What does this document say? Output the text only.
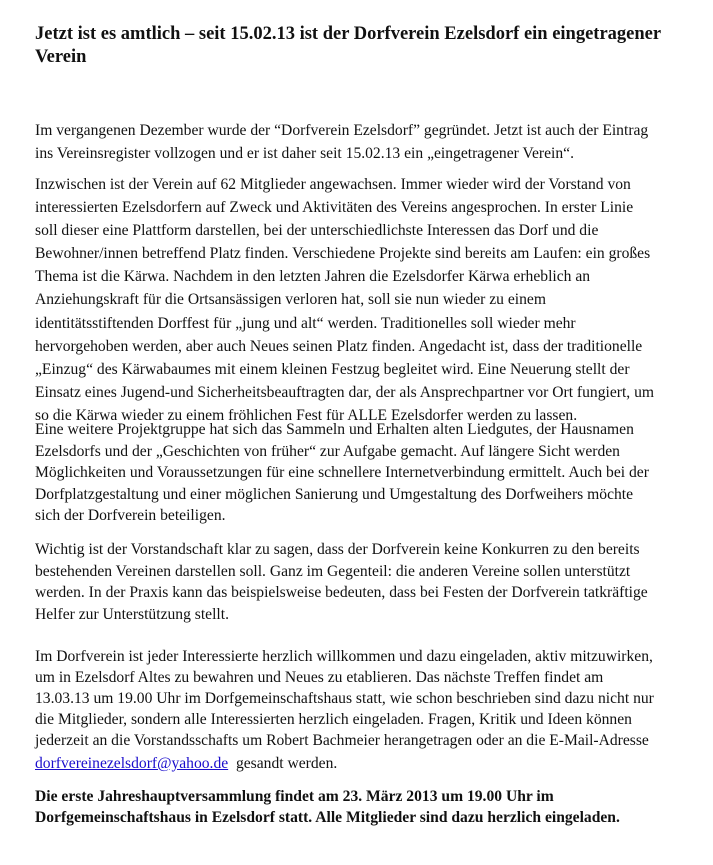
Jetzt ist es amtlich – seit 15.02.13 ist der Dorfverein Ezelsdorf ein eingetragener
Verein
Im vergangenen Dezember wurde der “Dorfverein Ezelsdorf” gegründet. Jetzt ist auch der Eintrag
ins Vereinsregister vollzogen und er ist daher seit 15.02.13 ein „eingetragener Verein“.
Inzwischen ist der Verein auf 62 Mitglieder angewachsen. Immer wieder wird der Vorstand von
interessierten Ezelsdorfern auf Zweck und Aktivitäten des Vereins angesprochen. In erster Linie
soll dieser eine Plattform darstellen, bei der unterschiedlichste Interessen das Dorf und die
Bewohner/innen betreffend Platz finden. Verschiedene Projekte sind bereits am Laufen: ein großes
Thema ist die Kärwa. Nachdem in den letzten Jahren die Ezelsdorfer Kärwa erheblich an
Anziehungskraft für die Ortsansässigen verloren hat, soll sie nun wieder zu einem
identitätsstiftenden Dorffest für „jung und alt“ werden. Traditionelles soll wieder mehr
hervorgehoben werden, aber auch Neues seinen Platz finden. Angedacht ist, dass der traditionelle
„Einzug“ des Kärwabaumes mit einem kleinen Festzug begleitet wird. Eine Neuerung stellt der
Einsatz eines Jugend-und Sicherheitsbeauftragten dar, der als Ansprechpartner vor Ort fungiert, um
so die Kärwa wieder zu einem fröhlichen Fest für ALLE Ezelsdorfer werden zu lassen.
Eine weitere Projektgruppe hat sich das Sammeln und Erhalten alten Liedgutes, der Hausnamen
Ezelsdorfs und der „Geschichten von früher“ zur Aufgabe gemacht. Auf längere Sicht werden
Möglichkeiten und Voraussetzungen für eine schnellere Internetverbindung ermittelt. Auch bei der
Dorfplatzgestaltung und einer möglichen Sanierung und Umgestaltung des Dorfweihers möchte
sich der Dorfverein beteiligen.
Wichtig ist der Vorstandschaft klar zu sagen, dass der Dorfverein keine Konkurren zu den bereits
bestehenden Vereinen darstellen soll. Ganz im Gegenteil: die anderen Vereine sollen unterstützt
werden. In der Praxis kann das beispielsweise bedeuten, dass bei Festen der Dorfverein tatkräftige
Helfer zur Unterstützung stellt.
Im Dorfverein ist jeder Interessierte herzlich willkommen und dazu eingeladen, aktiv mitzuwirken,
um in Ezelsdorf Altes zu bewahren und Neues zu etablieren. Das nächste Treffen findet am
13.03.13 um 19.00 Uhr im Dorfgemeinschaftshaus statt, wie schon beschrieben sind dazu nicht nur
die Mitglieder, sondern alle Interessierten herzlich eingeladen. Fragen, Kritik und Ideen können
jederzeit an die Vorstandsschafts um Robert Bachmeier herangetragen oder an die E-Mail-Adresse
dorfvereinezelsdorf@yahoo.de  gesandt werden.
Die erste Jahreshauptversammlung findet am 23. März 2013 um 19.00 Uhr im
Dorfgemeinschaftshaus in Ezelsdorf statt. Alle Mitglieder sind dazu herzlich eingeladen.
